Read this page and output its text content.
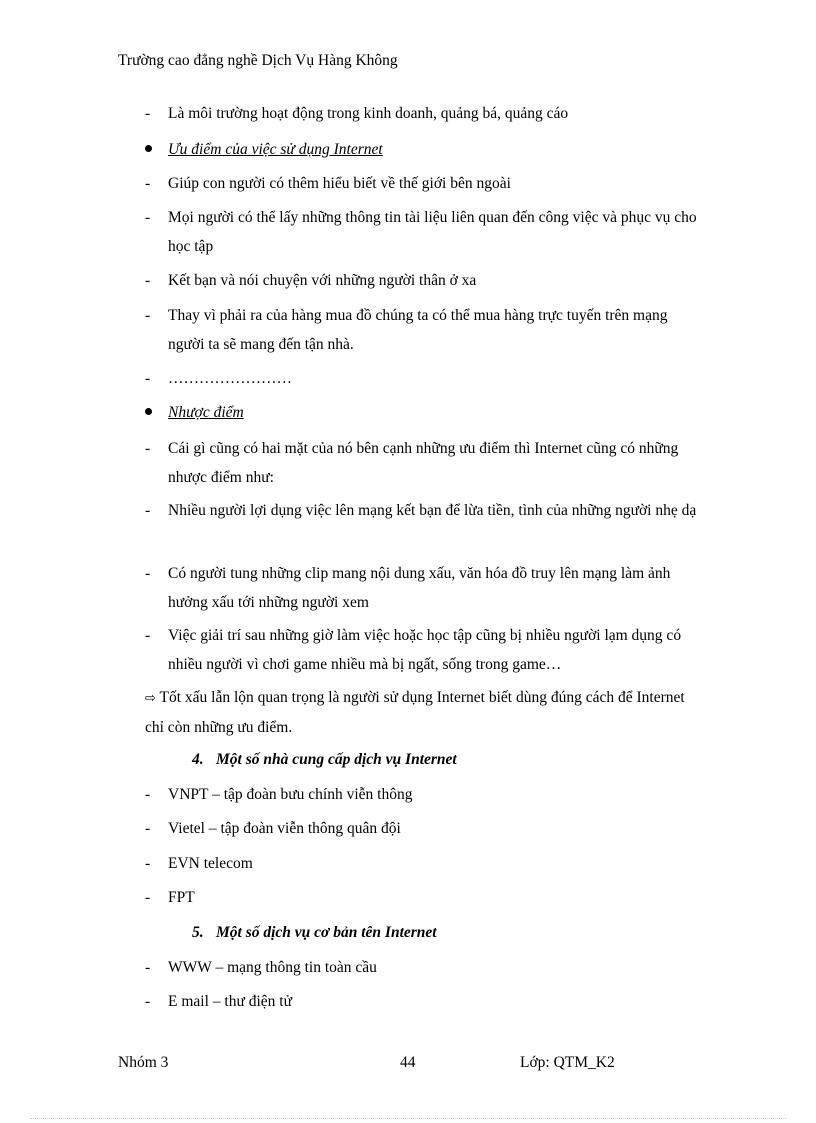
Trường cao đẳng nghề Dịch Vụ Hàng Không
-	Là môi trường hoạt động trong kinh doanh, quảng bá, quảng cáo
Ưu điểm của việc sử dụng Internet
-	Giúp con người có thêm hiểu biết về thế giới bên ngoài
-	Mọi người có thể lấy những thông tin tài liệu liên quan đến công việc và phục vụ cho học tập
-	Kết bạn và nói chuyện với những người thân ở xa
-	Thay vì phải ra của hàng mua đồ chúng ta có thể mua hàng trực tuyến trên mạng người ta sẽ mang đến tận nhà.
-	……………………
Nhược điểm
-	Cái gì cũng có hai mặt của nó bên cạnh những ưu điểm thì Internet cũng có những nhược điểm như:
-	Nhiều người lợi dụng việc lên mạng kết bạn để lừa tiền, tình của những người nhẹ dạ
-	Có người tung những clip mang nội dung xấu, văn hóa đồ truy lên mạng làm ảnh hưởng xấu tới những người xem
-	Việc giải trí sau những giờ làm việc hoặc học tập cũng bị nhiều người lạm dụng có nhiều người vì chơi game nhiều mà bị ngất, sống trong game…
⇨ Tốt xấu lẫn lộn quan trọng là người sử dụng Internet biết dùng đúng cách để Internet chỉ còn những ưu điểm.
4. Một số nhà cung cấp dịch vụ Internet
-	VNPT – tập đoàn bưu chính viễn thông
-	Vietel – tập đoàn viễn thông quân đội
-	EVN telecom
-	FPT
5. Một số dịch vụ cơ bản tên Internet
-	WWW – mạng thông tin toàn cầu
-	E mail – thư điện tử
Nhóm 3	44	Lớp: QTM_K2
